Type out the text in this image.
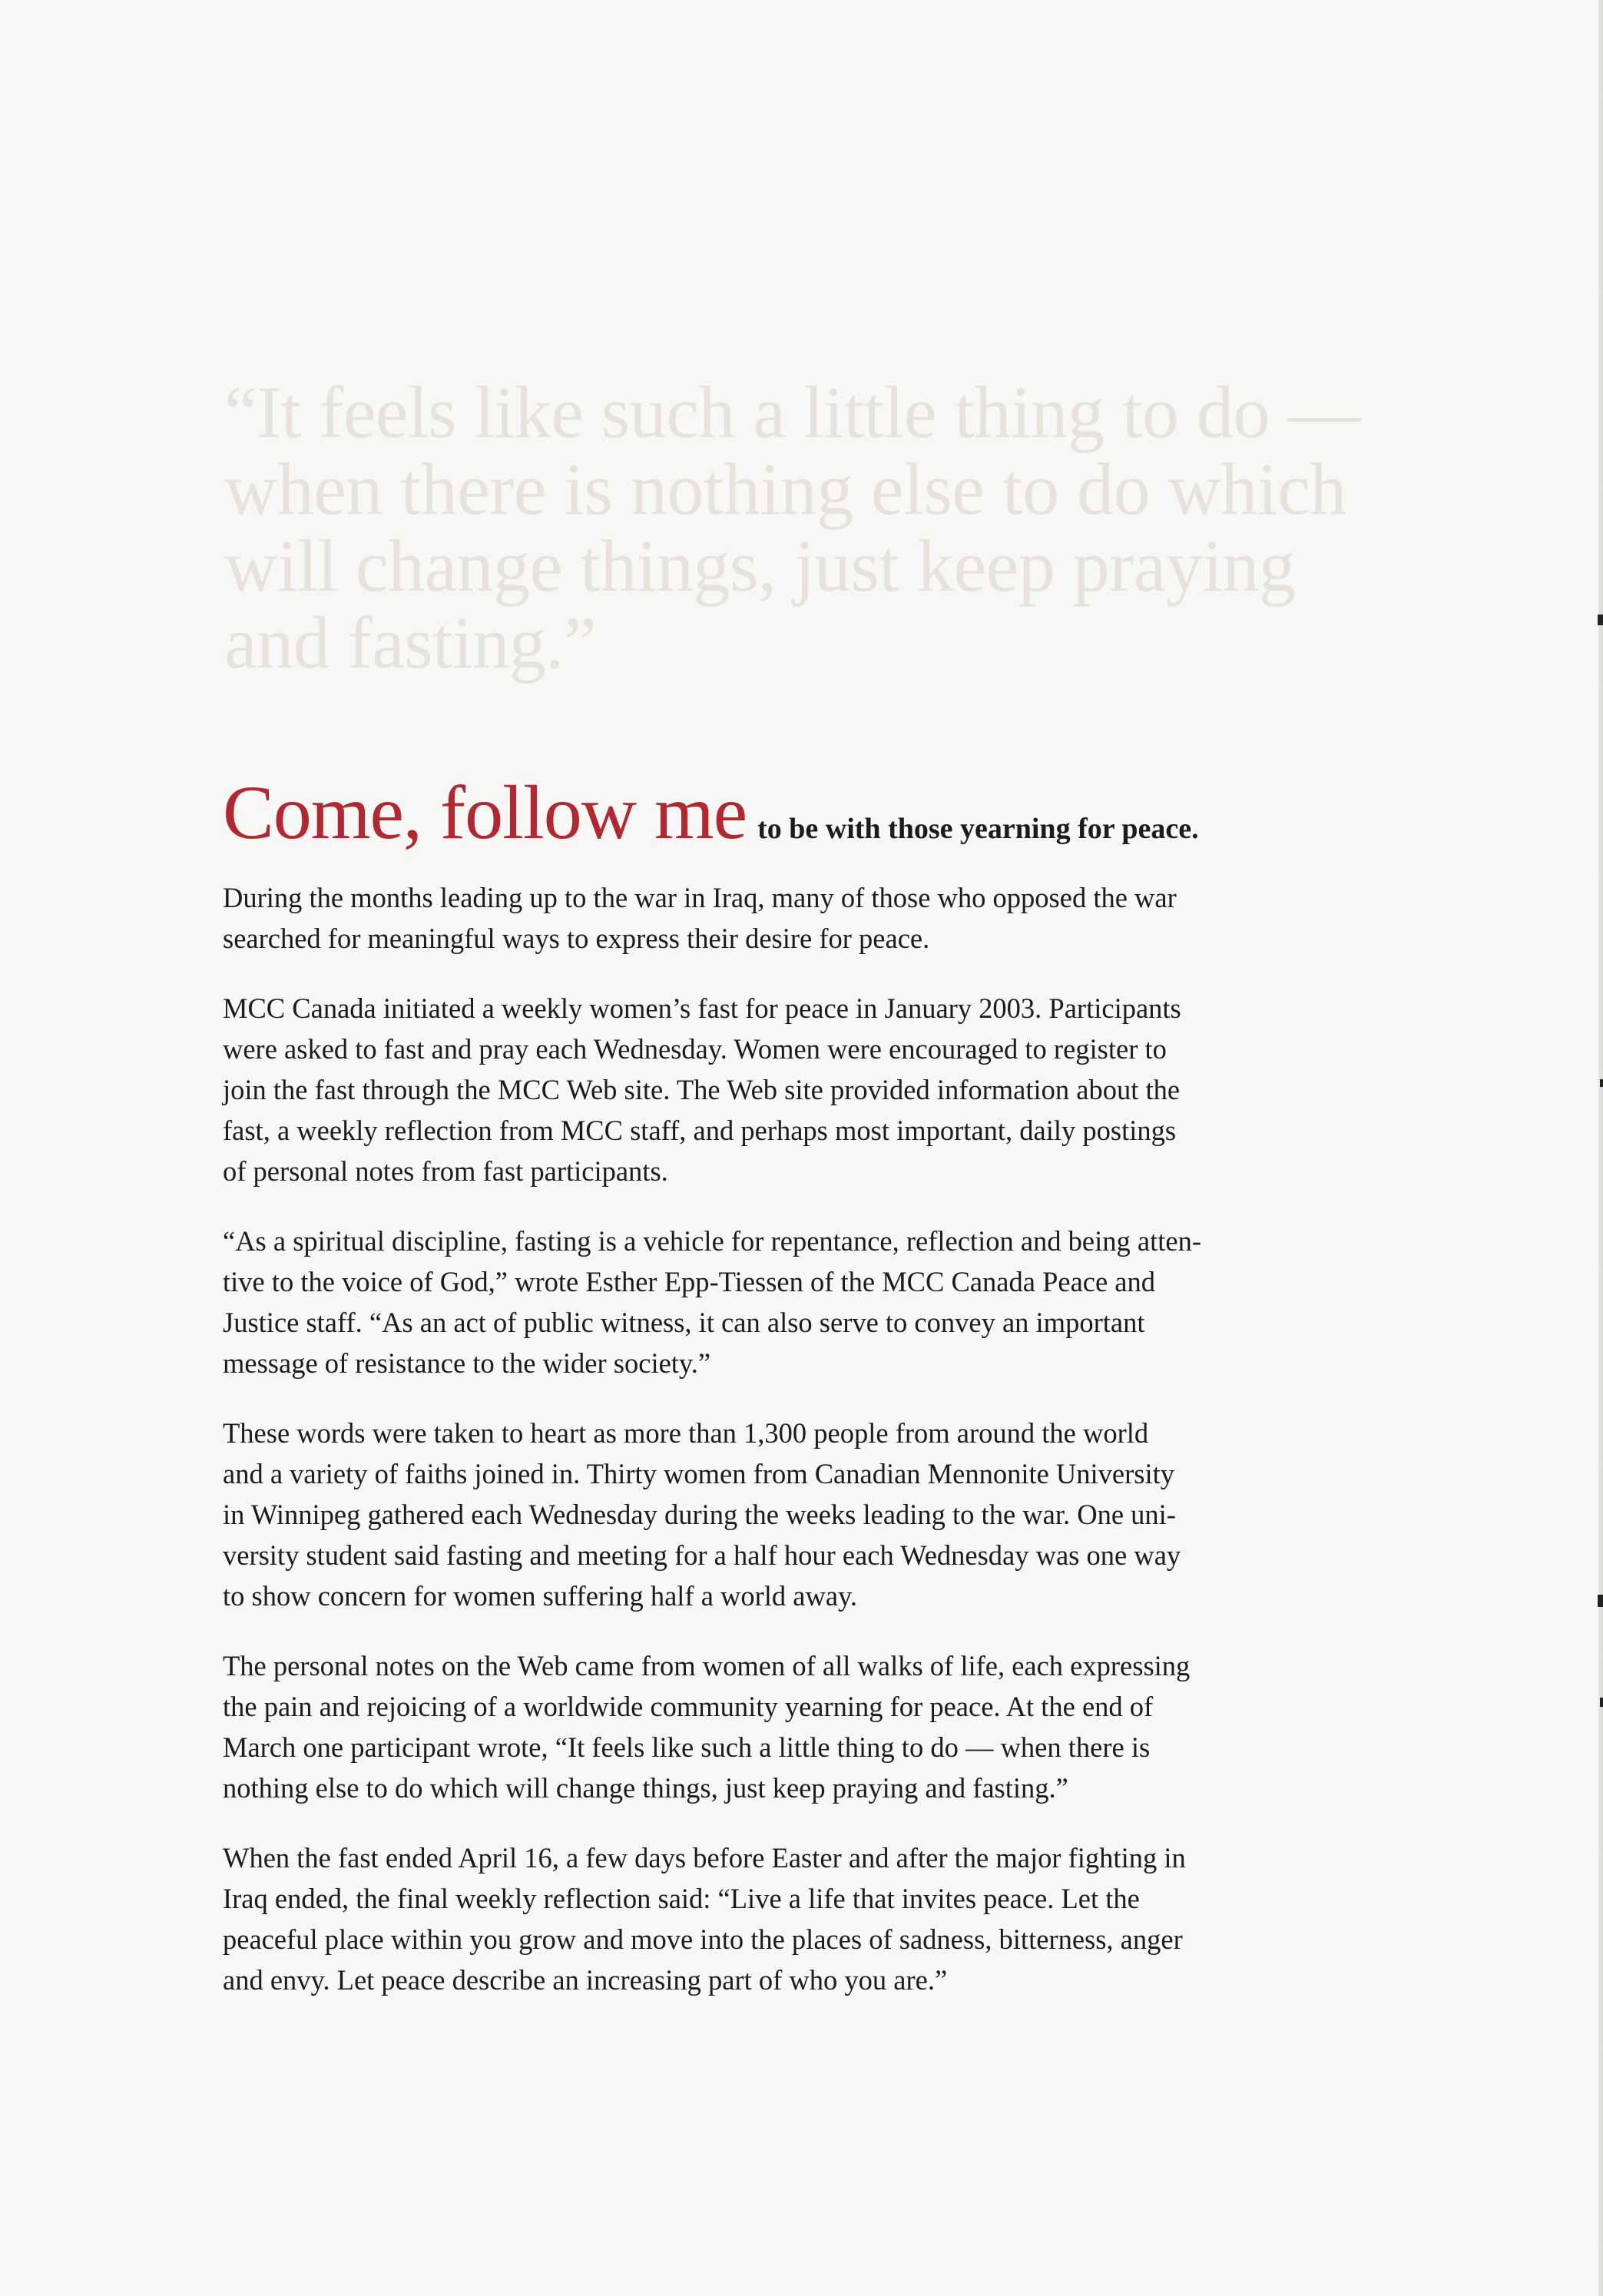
“It feels like such a little thing to do —
when there is nothing else to do which
will change things, just keep praying
and fasting.”
Come, follow me to be with those yearning for peace.

During the months leading up to the war in Iraq, many of those who opposed the war
searched for meaningful ways to express their desire for peace.

MCC Canada initiated a weekly women’s fast for peace in January 2003. Participants
were asked to fast and pray each Wednesday. Women were encouraged to register to
join the fast through the MCC Web site. The Web site provided information about the
fast, a weekly reflection from MCC staff, and perhaps most important, daily postings
of personal notes from fast participants.

“As a spiritual discipline, fasting is a vehicle for repentance, reflection and being atten-
tive to the voice of God,” wrote Esther Epp-Tiessen of the MCC Canada Peace and
Justice staff. “As an act of public witness, it can also serve to convey an important
message of resistance to the wider society.”

These words were taken to heart as more than 1,300 people from around the world
and a variety of faiths joined in. Thirty women from Canadian Mennonite University
in Winnipeg gathered each Wednesday during the weeks leading to the war. One uni-
versity student said fasting and meeting for a half hour each Wednesday was one way
to show concern for women suffering half a world away.

The personal notes on the Web came from women of all walks of life, each expressing
the pain and rejoicing of a worldwide community yearning for peace. At the end of
March one participant wrote, “It feels like such a little thing to do — when there is
nothing else to do which will change things, just keep praying and fasting.”

When the fast ended April 16, a few days before Easter and after the major fighting in
Iraq ended, the final weekly reflection said: “Live a life that invites peace. Let the
peaceful place within you grow and move into the places of sadness, bitterness, anger
and envy. Let peace describe an increasing part of who you are.”
